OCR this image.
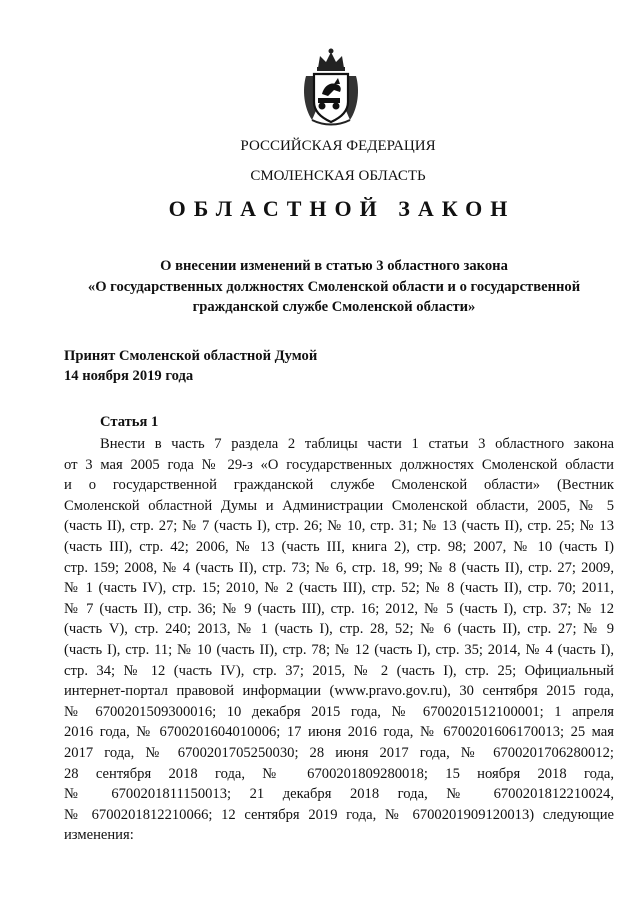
РОССИЙСКАЯ ФЕДЕРАЦИЯ
СМОЛЕНСКАЯ ОБЛАСТЬ
ОБЛАСТНОЙ ЗАКОН
О внесении изменений в статью 3 областного закона
«О государственных должностях Смоленской области и о государственной
гражданской службе Смоленской области»
Принят Смоленской областной Думой
14 ноября 2019 года
Статья 1
Внести в часть 7 раздела 2 таблицы части 1 статьи 3 областного закона
от 3 мая 2005 года № 29-з «О государственных должностях Смоленской области
и о государственной гражданской службе Смоленской области» (Вестник
Смоленской областной Думы и Администрации Смоленской области, 2005, № 5
(часть II), стр. 27; № 7 (часть I), стр. 26; № 10, стр. 31; № 13 (часть II), стр. 25; № 13
(часть III), стр. 42; 2006, № 13 (часть III, книга 2), стр. 98; 2007, № 10 (часть I)
стр. 159; 2008, № 4 (часть II), стр. 73; № 6, стр. 18, 99; № 8 (часть II), стр. 27; 2009,
№ 1 (часть IV), стр. 15; 2010, № 2 (часть III), стр. 52; № 8 (часть II), стр. 70; 2011,
№ 7 (часть II), стр. 36; № 9 (часть III), стр. 16; 2012, № 5 (часть I), стр. 37; № 12
(часть V), стр. 240; 2013, № 1 (часть I), стр. 28, 52; № 6 (часть II), стр. 27; № 9
(часть I), стр. 11; № 10 (часть II), стр. 78; № 12 (часть I), стр. 35; 2014, № 4 (часть I),
стр. 34; № 12 (часть IV), стр. 37; 2015, № 2 (часть I), стр. 25; Официальный
интернет-портал правовой информации (www.pravo.gov.ru), 30 сентября 2015 года,
№ 6700201509300016; 10 декабря 2015 года, № 6700201512100001; 1 апреля
2016 года, № 6700201604010006; 17 июня 2016 года, № 6700201606170013; 25 мая
2017 года, № 6700201705250030; 28 июня 2017 года, № 6700201706280012;
28 сентября 2018 года, № 6700201809280018; 15 ноября 2018 года,
№ 6700201811150013; 21 декабря 2018 года, № 6700201812210024,
№ 6700201812210066; 12 сентября 2019 года, № 6700201909120013) следующие
изменения:
